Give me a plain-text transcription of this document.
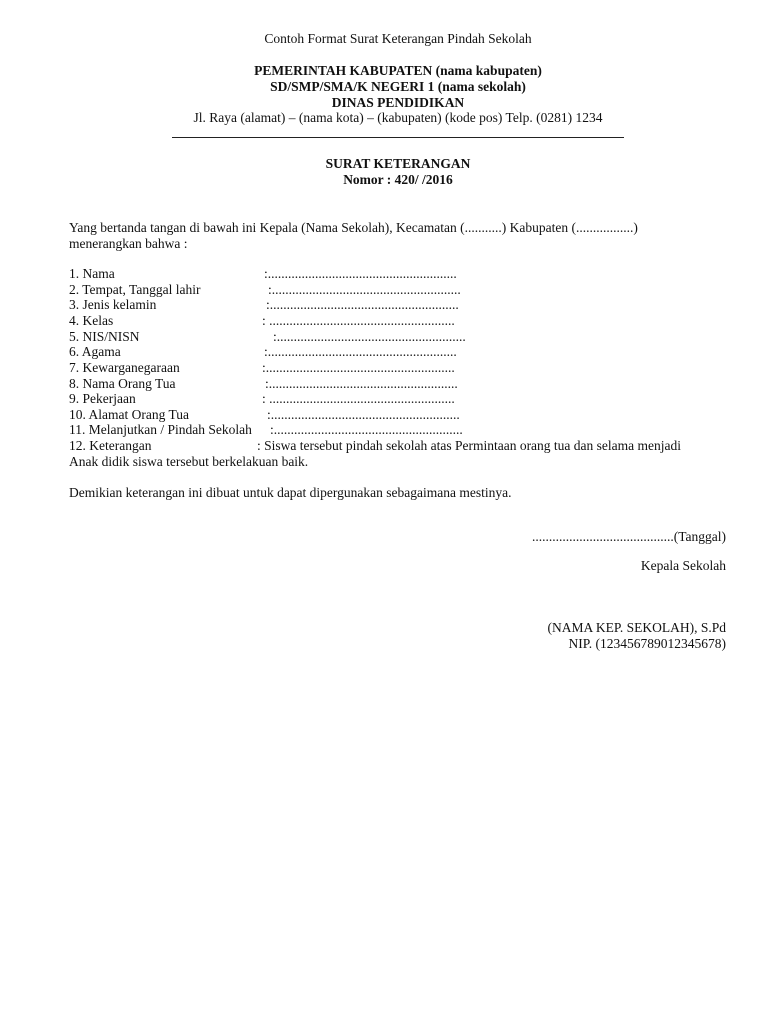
Contoh Format Surat Keterangan Pindah Sekolah
PEMERINTAH KABUPATEN (nama kabupaten)
SD/SMP/SMA/K NEGERI 1 (nama sekolah)
DINAS PENDIDIKAN
Jl. Raya (alamat) – (nama kota) – (kabupaten) (kode pos) Telp. (0281) 1234
SURAT KETERANGAN
Nomor : 420/ /2016
Yang bertanda tangan di bawah ini Kepala (Nama Sekolah), Kecamatan (...........) Kabupaten (.................)
menerangkan bahwa :
1. Nama	:........................................................
2. Tempat, Tanggal lahir	:........................................................
3. Jenis kelamin	:........................................................
4. Kelas	: .......................................................
5. NIS/NISN	:........................................................
6. Agama	:........................................................
7. Kewarganegaraan	:........................................................
8. Nama Orang Tua	:........................................................
9. Pekerjaan	: .......................................................
10. Alamat Orang Tua	:........................................................
11. Melanjutkan / Pindah Sekolah :........................................................
12. Keterangan	: Siswa tersebut pindah sekolah atas Permintaan orang tua dan selama menjadi
Anak didik siswa tersebut berkelakuan baik.
Demikian keterangan ini dibuat untuk dapat dipergunakan sebagaimana mestinya.
..........................................(Tanggal)
Kepala Sekolah
(NAMA KEP. SEKOLAH), S.Pd
NIP. (123456789012345678)
